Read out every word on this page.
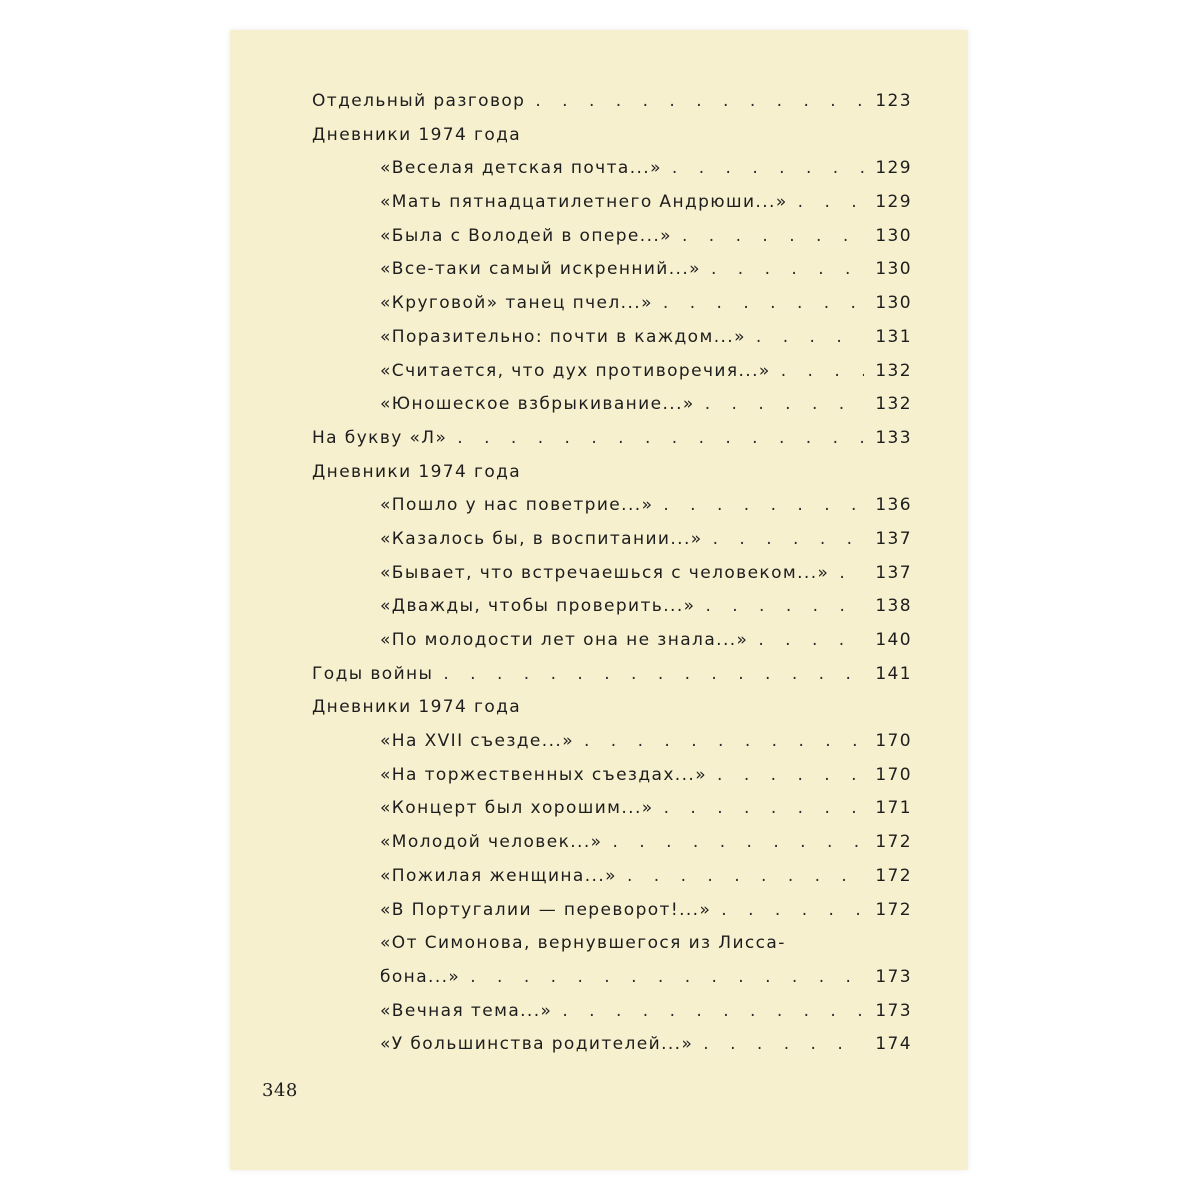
Отдельный разговор . . .	123
Дневники 1974 года
«Веселая детская почта...» . . .	129
«Мать пятнадцатилетнего Андрюши...» . . .	129
«Была с Володей в опере...» . . .	130
«Все-таки самый искренний...» . . .	130
«Круговой» танец пчел...» . . .	130
«Поразительно: почти в каждом...» . . .	131
«Считается, что дух противоречия...» . . .	132
«Юношеское взбрыкивание...» . . .	132
На букву «Л» . . .	133
Дневники 1974 года
«Пошло у нас поветрие...» . . .	136
«Казалось бы, в воспитании...» . . .	137
«Бывает, что встречаешься с человеком...» . . .	137
«Дважды, чтобы проверить...» . . .	138
«По молодости лет она не знала...» . . .	140
Годы войны . . .	141
Дневники 1974 года
«На XVII съезде...» . . .	170
«На торжественных съездах...» . . .	170
«Концерт был хорошим...» . . .	171
«Молодой человек...» . . .	172
«Пожилая женщина...» . . .	172
«В Португалии — переворот!...» . . .	172
«От Симонова, вернувшегося из Лисса-
бона...» . . .	173
«Вечная тема...» . . .	173
«У большинства родителей...» . . .	174
348
